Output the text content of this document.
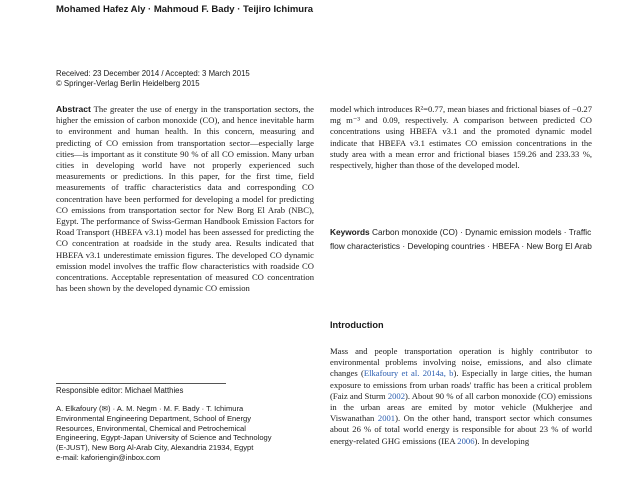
Mohamed Hafez Aly · Mahmoud F. Bady · Teijiro Ichimura
Received: 23 December 2014 / Accepted: 3 March 2015
© Springer-Verlag Berlin Heidelberg 2015
Abstract The greater the use of energy in the transportation sectors, the higher the emission of carbon monoxide (CO), and hence inevitable harm to environment and human health. In this concern, measuring and predicting of CO emission from transportation sector—especially large cities—is important as it constitute 90 % of all CO emission. Many urban cities in developing world have not properly experienced such measurements or predictions. In this paper, for the first time, field measurements of traffic characteristics data and corresponding CO concentration have been performed for developing a model for predicting CO emissions from transportation sector for New Borg El Arab (NBC), Egypt. The performance of Swiss-German Handbook Emission Factors for Road Transport (HBEFA v3.1) model has been assessed for predicting the CO concentration at roadside in the study area. Results indicated that HBEFA v3.1 underestimate emission figures. The developed CO dynamic emission model involves the traffic flow characteristics with roadside CO concentrations. Acceptable representation of measured CO concentration has been shown by the developed dynamic CO emission
model which introduces R²=0.77, mean biases and frictional biases of −0.27 mg m⁻³ and 0.09, respectively. A comparison between predicted CO concentrations using HBEFA v3.1 and the promoted dynamic model indicate that HBEFA v3.1 estimates CO emission concentrations in the study area with a mean error and frictional biases 159.26 and 233.33 %, respectively, higher than those of the developed model.
Keywords Carbon monoxide (CO) · Dynamic emission models · Traffic flow characteristics · Developing countries · HBEFA · New Borg El Arab
Introduction
Mass and people transportation operation is highly contributor to environmental problems involving noise, emissions, and also climate changes (Elkafoury et al. 2014a, b). Especially in large cities, the human exposure to emissions from urban roads' traffic has been a critical problem (Faiz and Sturm 2002). About 90 % of all carbon monoxide (CO) emissions in the urban areas are emited by motor vehicle (Mukherjee and Viswanathan 2001). On the other hand, transport sector which consumes about 26 % of total world energy is responsible for about 23 % of world energy-related GHG emissions (IEA 2006). In developing
Responsible editor: Michael Matthies
A. Elkafoury (✉) · A. M. Negm · M. F. Bady · T. Ichimura
Environmental Engineering Department, School of Energy
Resources, Environmental, Chemical and Petrochemical
Engineering, Egypt-Japan University of Science and Technology
(E-JUST), New Borg Al-Arab City, Alexandria 21934, Egypt
e-mail: kaforiengin@inbox.com
